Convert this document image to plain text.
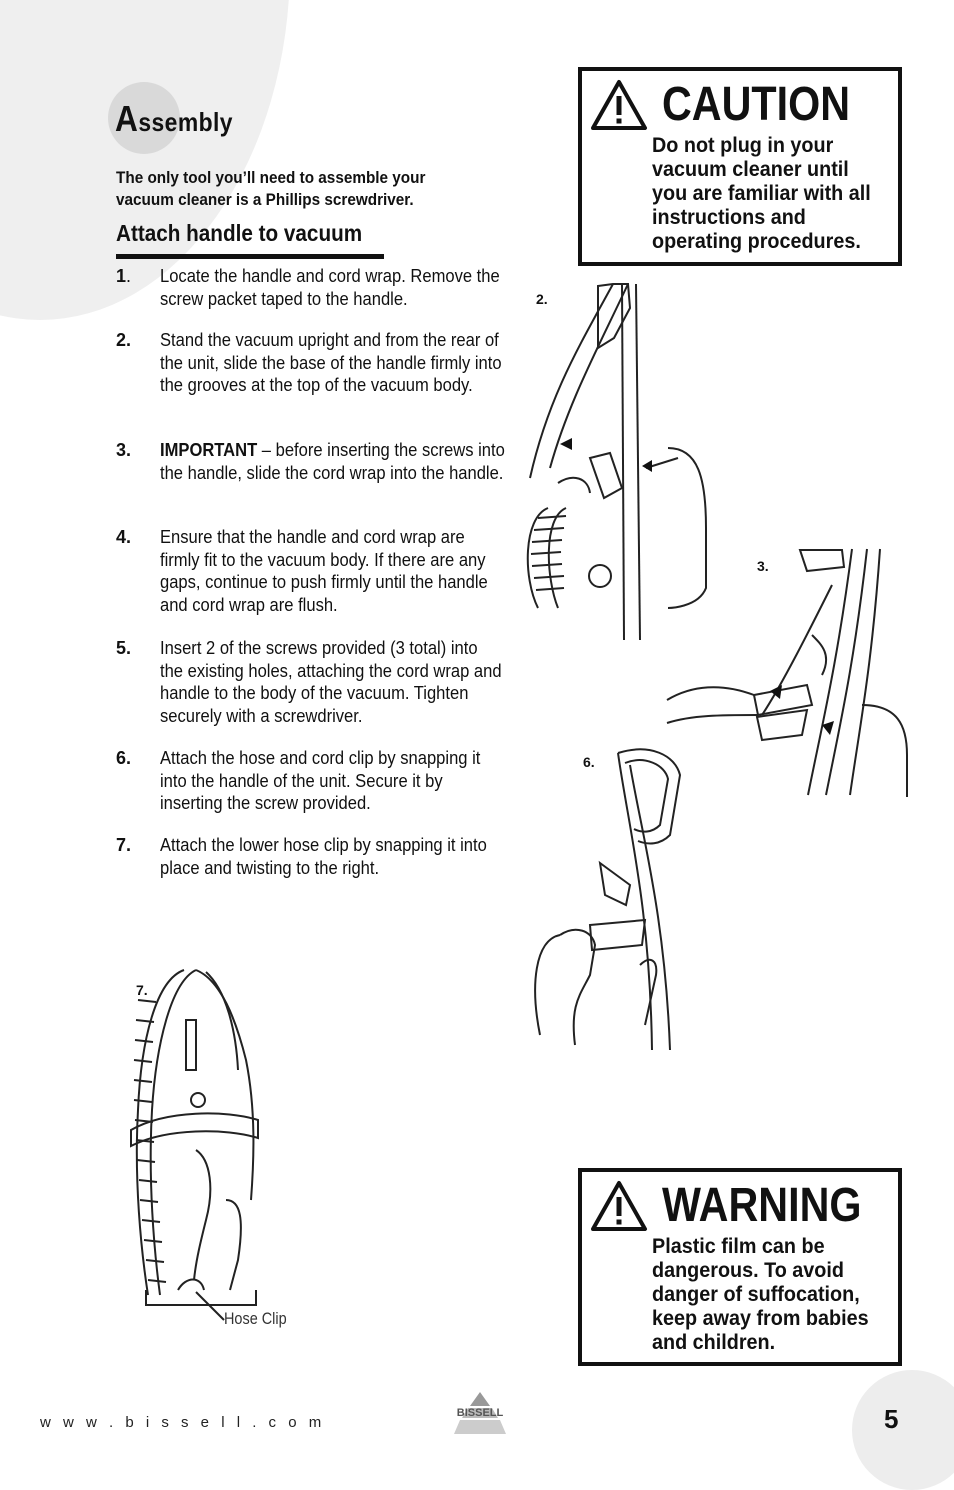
Assembly

The only tool you’ll need to assemble your vacuum cleaner is a Phillips screwdriver.

Attach handle to vacuum
1.	Locate the handle and cord wrap. Remove the screw packet taped to the handle.
2.	Stand the vacuum upright and from the rear of the unit, slide the base of the handle firmly into the grooves at the top of the vacuum body.
3.	IMPORTANT – before inserting the screws into the handle, slide the cord wrap into the handle.
4.	Ensure that the handle and cord wrap are firmly fit to the vacuum body. If there are any gaps, continue to push firmly until the handle and cord wrap are flush.
5.	Insert 2 of the screws provided (3 total) into the existing holes, attaching the cord wrap and handle to the body of the vacuum. Tighten securely with a screwdriver.
6.	Attach the hose and cord clip by snapping it into the handle of the unit. Secure it by inserting the screw provided.
7.	Attach the lower hose clip by snapping it into place and twisting to the right.
CAUTION
Do not plug in your vacuum cleaner until you are familiar with all instructions and operating procedures.
WARNING
Plastic film can be dangerous. To avoid danger of suffocation, keep away from babies and children.
2.
3.
6.
7.
Hose Clip
w w w . b i s s e l l . c o m
BISSELL	5
